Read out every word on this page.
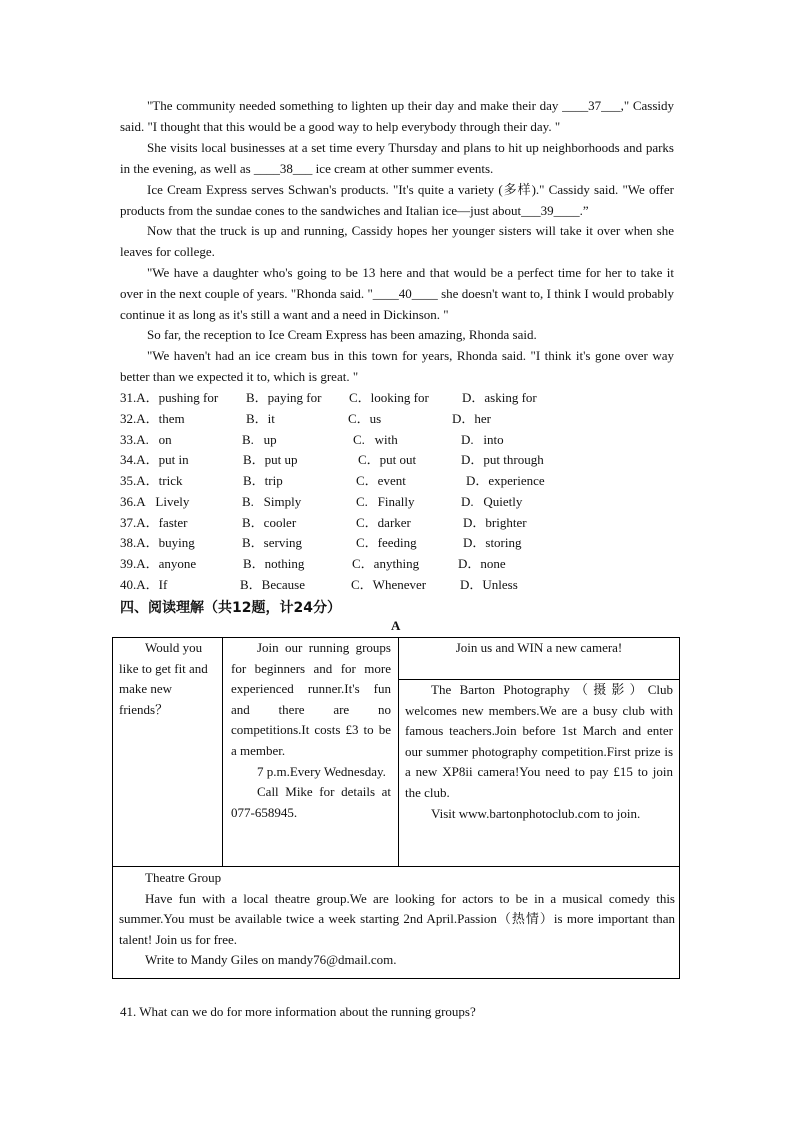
"The community needed something to lighten up their day and make their day ____37___," Cassidy said. "I thought that this would be a good way to help everybody through their day. "

She visits local businesses at a set time every Thursday and plans to hit up neighborhoods and parks in the evening, as well as ____38___ ice cream at other summer events.

Ice Cream Express serves Schwan's products. "It's quite a variety (多样)." Cassidy said. "We offer products from the sundae cones to the sandwiches and Italian ice—just about___39____.”

Now that the truck is up and running, Cassidy hopes her younger sisters will take it over when she leaves for college.

"We have a daughter who's going to be 13 here and that would be a perfect time for her to take it over in the next couple of years. "Rhonda said. "____40____ she doesn't want to, I think I would probably continue it as long as it's still a want and a need in Dickinson. "

So far, the reception to Ice Cream Express has been amazing, Rhonda said.

"We haven't had an ice cream bus in this town for years, Rhonda said. "I think it's gone over way better than we expected it to, which is great. "

31.A．pushing for B．paying for C．looking for	D．asking for
32.A．them	B．it	C．us	D．her
33.A.   on	B.   up	C.   with	D.   into
34.A．put in	B．put up	C．put out	D．put through
35.A．trick	B．trip	C．event	D．experience
36.A   Lively	B.   Simply	C.   Finally	D.   Quietly
37.A．faster	B．cooler	C．darker	D．brighter
38.A．buying	B．serving	C．feeding	D．storing
39.A．anyone	B．nothing	C．anything	D．none
40.A．If	B．Because	C．Whenever	D．Unless
四、阅读理解（共12题，计24分）
A
Would you like to get fit and make new friends？
Join our running groups for beginners and for more experienced runner.It's fun and there are no competitions.It costs £3 to be a member.
7 p.m.Every Wednesday.
Call Mike for details at 077-658945.
Join us and WIN a new camera!
The Barton Photography（摄影）Club welcomes new members.We are a busy club with famous teachers.Join before 1st March and enter our summer photography competition.First prize is a new XP8ii camera!You need to pay £15 to join the club.
Visit www.bartonphotoclub.com to join.
Theatre Group
Have fun with a local theatre group.We are looking for actors to be in a musical comedy this summer.You must be available twice a week starting 2nd April.Passion（热情）is more important than talent! Join us for free.
Write to Mandy Giles on mandy76@dmail.com.
41. What can we do for more information about the running groups?
